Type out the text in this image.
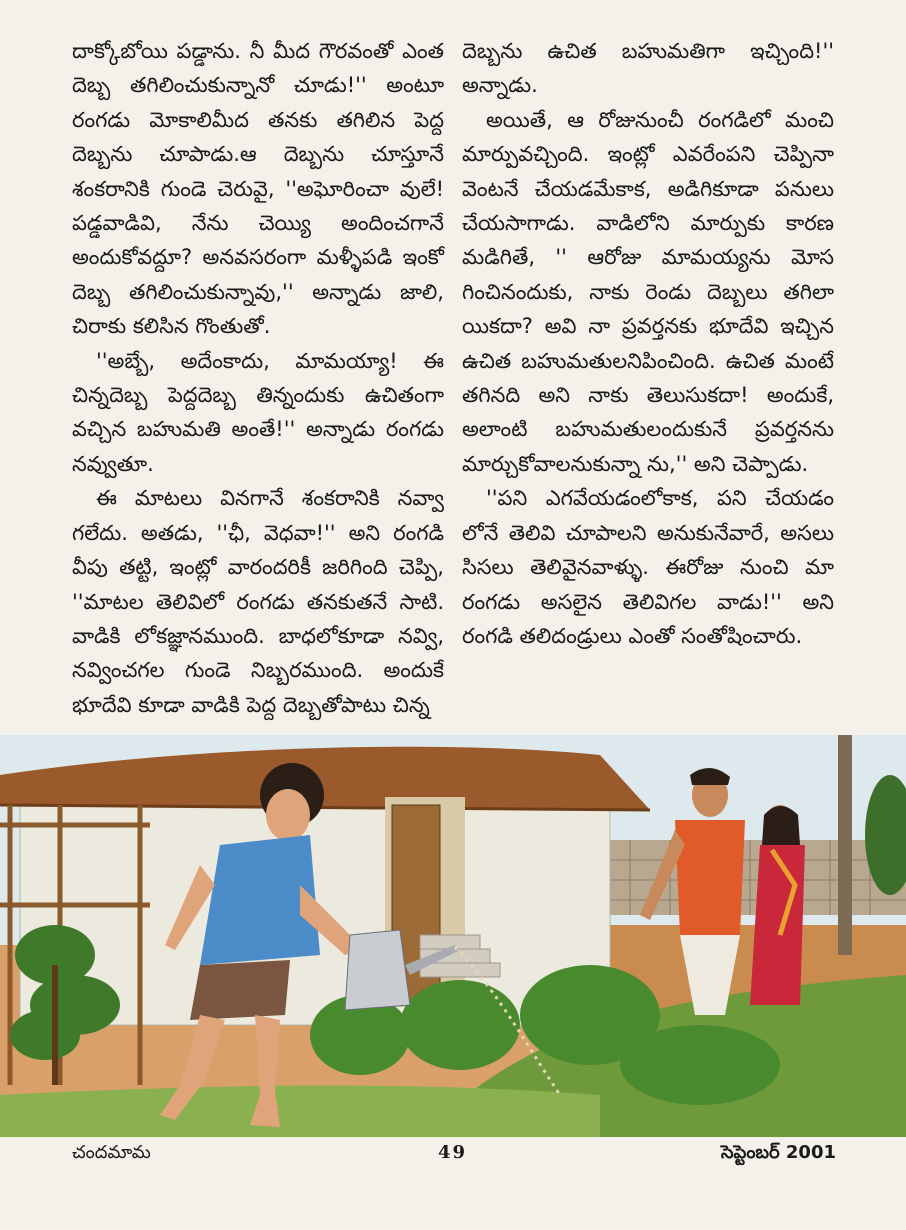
దాక్కోబోయి పడ్డాను. నీ మీద గౌరవంతో ఎంత దెబ్బ తగిలించుకున్నానో చూడు!'' అంటూ రంగడు మోకాలిమీద తనకు తగిలిన పెద్ద దెబ్బను చూపాడు.ఆ దెబ్బను చూస్తూనే శంకరానికి గుండె చెరువై, ''అఘోరించా వులే! పడ్డవాడివి, నేను చెయ్యి అందించగానే అందుకోవద్దూ? అనవసరంగా మళ్ళీపడి ఇంకో దెబ్బ తగిలించుకున్నావు,'' అన్నాడు జాలి, చిరాకు కలిసిన గొంతుతో.

''అబ్బే, అదేంకాదు, మామయ్యా! ఈ చిన్నదెబ్బ పెద్దదెబ్బ తిన్నందుకు ఉచితంగా వచ్చిన బహుమతి అంతే!'' అన్నాడు రంగడు నవ్వుతూ.

ఈ మాటలు వినగానే శంకరానికి నవ్వా గలేదు. అతడు, ''ఛీ, వెధవా!'' అని రంగడి వీపు తట్టి, ఇంట్లో వారందరికీ జరిగింది చెప్పి, ''మాటల తెలివిలో రంగడు తనకుతనే సాటి. వాడికి లోకజ్ఞానముంది. బాధలోకూడా నవ్వి, నవ్వించగల గుండె నిబ్బరముంది. అందుకే భూదేవి కూడా వాడికి పెద్ద దెబ్బతోపాటు చిన్న

దెబ్బను ఉచిత బహుమతిగా ఇచ్చింది!'' అన్నాడు.

అయితే, ఆ రోజునుంచీ రంగడిలో మంచి మార్పువచ్చింది. ఇంట్లో ఎవరేంపని చెప్పినా వెంటనే చేయడమేకాక, అడిగికూడా పనులు చేయసాగాడు. వాడిలోని మార్పుకు కారణ మడిగితే, '' ఆరోజు మామయ్యను మోస గించినందుకు, నాకు రెండు దెబ్బలు తగిలా యికదా? అవి నా ప్రవర్తనకు భూదేవి ఇచ్చిన ఉచిత బహుమతులనిపించింది. ఉచిత మంటే తగినది అని నాకు తెలుసుకదా! అందుకే, అలాంటి బహుమతులందుకునే ప్రవర్తనను మార్చుకోవాలనుకున్నా ను,'' అని చెప్పాడు.

''పని ఎగవేయడంలోకాక, పని చేయడం లోనే తెలివి చూపాలని అనుకునేవారే, అసలు సిసలు తెలివైనవాళ్ళు. ఈరోజు నుంచి మా రంగడు అసలైన తెలివిగల వాడు!'' అని రంగడి తలిదండ్రులు ఎంతో సంతోషించారు.

చందమామ	49	సెప్టెంబర్ 2001
